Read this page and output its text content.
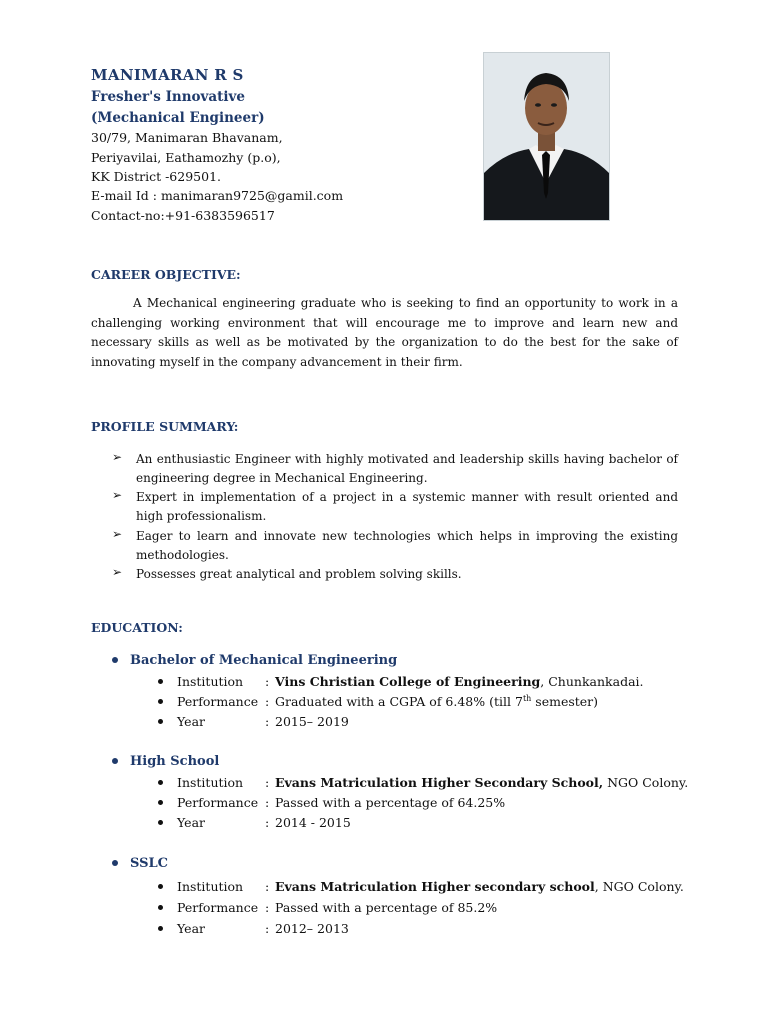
MANIMARAN R S
Fresher's Innovative
(Mechanical Engineer)
30/79, Manimaran Bhavanam,
Periyavilai, Eathamozhy (p.o),
KK District -629501.
E-mail Id : manimaran9725@gamil.com
Contact-no:+91-6383596517
CAREER OBJECTIVE:
A Mechanical engineering graduate who is seeking to find an opportunity to work in a challenging working environment that will encourage me to improve and learn new and necessary skills as well as be motivated by the organization to do the best for the sake of innovating myself in the company advancement in their firm.
PROFILE SUMMARY:
➢ An enthusiastic Engineer with highly motivated and leadership skills having bachelor of engineering degree in Mechanical Engineering.
➢ Expert in implementation of a project in a systemic manner with result oriented and high professionalism.
➢ Eager to learn and innovate new technologies which helps in improving the existing methodologies.
➢ Possesses great analytical and problem solving skills.
EDUCATION:
Bachelor of Mechanical Engineering
Institution : Vins Christian College of Engineering, Chunkankadai.
Performance : Graduated with a CGPA of 6.48% (till 7th semester)
Year	: 2015– 2019
High School
Institution : Evans Matriculation Higher Secondary School, NGO Colony.
Performance : Passed with a percentage of 64.25%
Year	: 2014 - 2015
SSLC
Institution : Evans Matriculation Higher secondary school, NGO Colony.
Performance : Passed with a percentage of 85.2%
Year	: 2012– 2013
